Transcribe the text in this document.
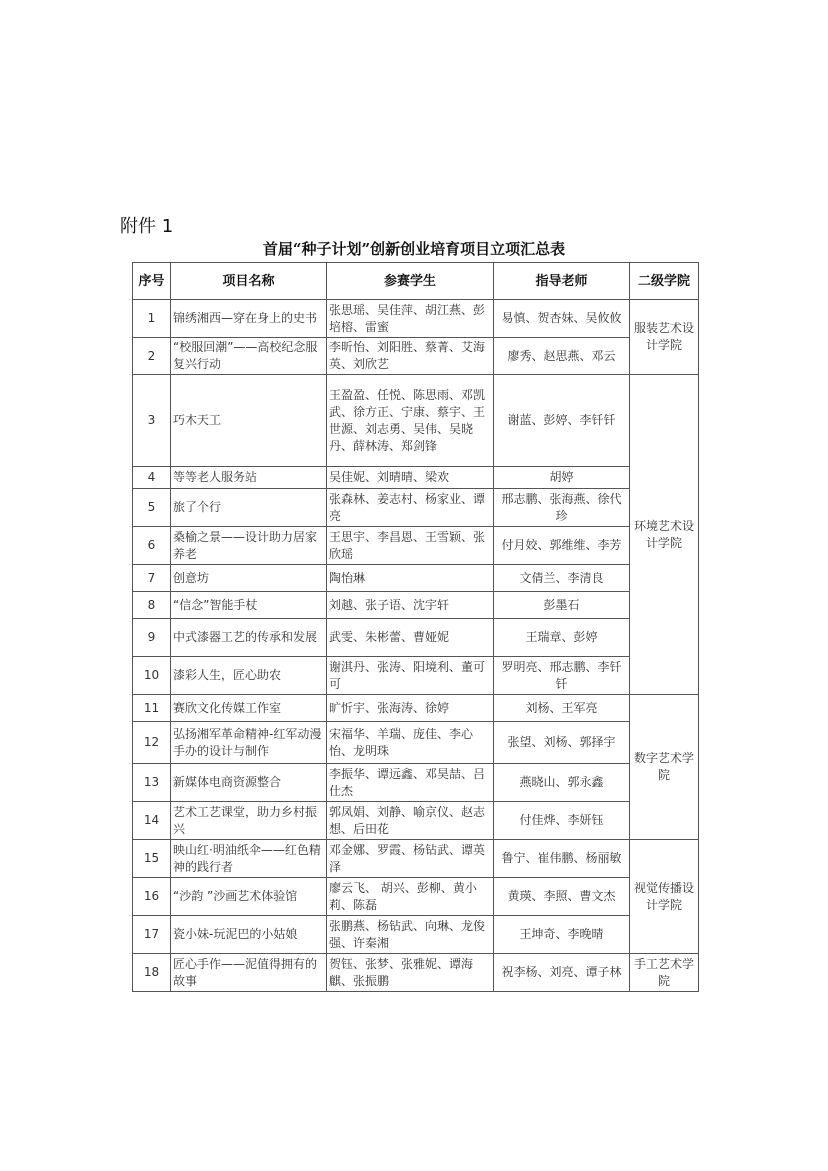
附件 1
首届“种子计划”创新创业培育项目立项汇总表
序号	项目名称	参赛学生	指导老师	二级学院
1	锦绣湘西—穿在身上的史书	张思瑶、吴佳萍、胡江燕、彭培榕、雷蜜	易慎、贺杏妹、吴攸攸	服装艺术设计学院
2	“校服回潮”——高校纪念服复兴行动	李昕怡、刘阳胜、蔡菁、艾海英、刘欣艺	廖秀、赵思燕、邓云	
3	巧木天工	王盈盈、任悦、陈思雨、邓凯武、徐方正、宁康、蔡宇、王世源、刘志勇、吴伟、吴晓丹、薛林涛、郑剑锋	谢蓝、彭婷、李钎钎	环境艺术设计学院
4	等等老人服务站	吴佳妮、刘晴晴、梁欢	胡婷	
5	旅了个行	张森林、姜志村、杨家业、谭亮	邢志鹏、张海燕、徐代珍	
6	桑榆之景——设计助力居家养老	王思宇、李昌恩、王雪颖、张欣瑶	付月姣、郭维维、李芳	
7	创意坊	陶怡琳	文倩兰、李清良	
8	“信念”智能手杖	刘越、张子语、沈宇轩	彭墨石	
9	中式漆器工艺的传承和发展	武雯、朱彬蕾、曹娅妮	王瑞章、彭婷	
10	漆彩人生，匠心助农	谢淇丹、张涛、阳境利、董可可	罗明亮、邢志鹏、李钎钎	
11	赛欣文化传媒工作室	旷忻宇、张海涛、徐婷	刘杨、王军亮	数字艺术学院
12	弘扬湘军革命精神-红军动漫手办的设计与制作	宋福华、羊瑞、庞佳、李心怡、龙明珠	张望、刘杨、郭择宇	
13	新媒体电商资源整合	李振华、谭远鑫、邓昊喆、吕仕杰	燕晓山、郭永鑫	
14	艺术工艺课堂，助力乡村振兴	郭凤娟、刘静、喻京仪、赵志想、后田花	付佳烨、李妍钰	
15	映山红·明油纸伞——红色精神的践行者	邓金娜、罗霞、杨钻武、谭英泽	鲁宁、崔伟鹏、杨丽敏	视觉传播设计学院
16	“沙韵 ”沙画艺术体验馆	廖云飞、 胡兴、彭柳、黄小莉、陈磊	黄瑛、李照、曹文杰	
17	瓷小妹-玩泥巴的小姑娘	张鹏燕、杨钻武、向琳、龙俊强、许秦湘	王坤奇、李晚晴	
18	匠心手作——泥值得拥有的故事	贺钰、张梦、张雅妮、谭海麒、张振鹏	祝李杨、刘亮、谭子林	手工艺术学院
